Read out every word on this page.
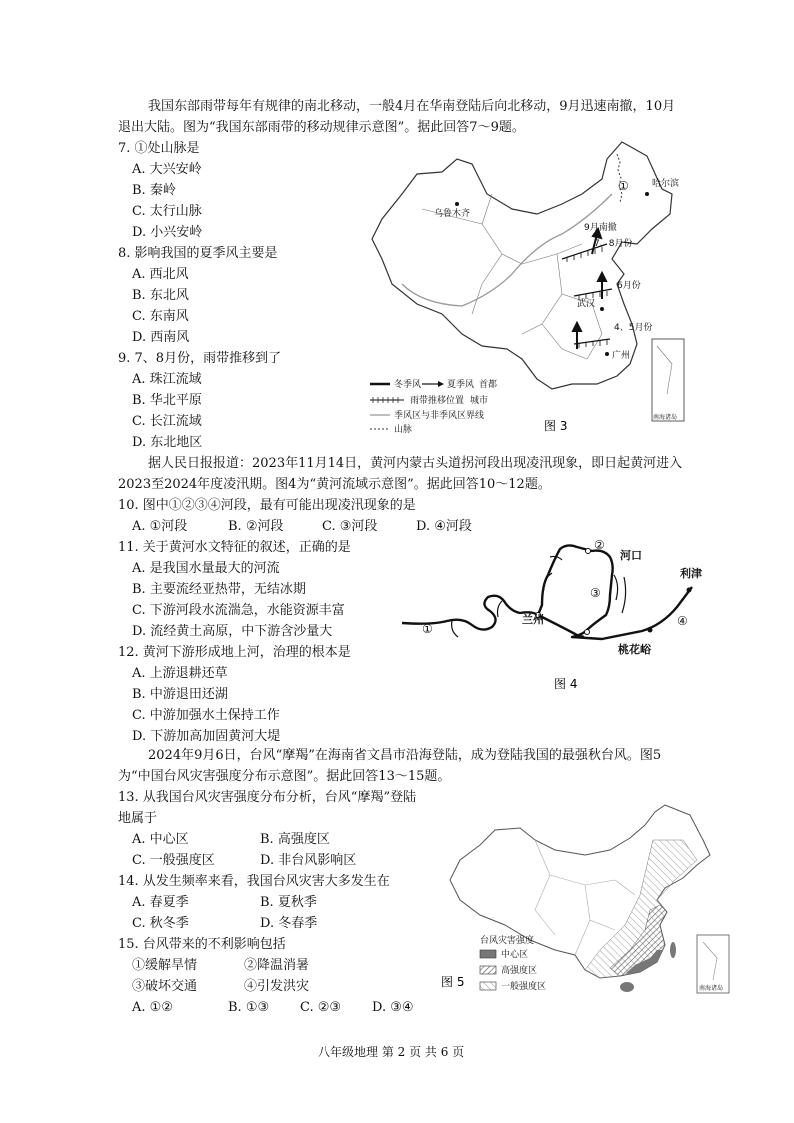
我国东部雨带每年有规律的南北移动，一般4月在华南登陆后向北移动，9月迅速南撤，10月退出大陆。图为“我国东部雨带的移动规律示意图”。据此回答7～9题。
7. ①处山脉是
A. 大兴安岭
B. 秦岭
C. 太行山脉
D. 小兴安岭
8. 影响我国的夏季风主要是
A. 西北风
B. 东北风
C. 东南风
D. 西南风
9. 7、8月份，雨带推移到了
A. 珠江流域
B. 华北平原
C. 长江流域
D. 东北地区
哈尔滨
乌鲁木齐
9月南撤
7、8月份
6月份
4、5月份
武汉
广州
①
南海诸岛
冬季风	夏季风 首都
雨带推移位置 城市
季风区与非季风区界线
山脉	图 3
据人民日报报道：2023年11月14日，黄河内蒙古头道拐河段出现凌汛现象，即日起黄河进入2023至2024年度凌汛期。图4为“黄河流域示意图”。据此回答10～12题。
10. 图中①②③④河段，最有可能出现凌汛现象的是
A. ①河段	B. ②河段	C. ③河段	D. ④河段
11. 关于黄河水文特征的叙述，正确的是
A. 是我国水量最大的河流
B. 主要流经亚热带，无结冰期
C. 下游河段水流湍急，水能资源丰富
D. 流经黄土高原，中下游含沙量大
12. 黄河下游形成地上河，治理的根本是
A. 上游退耕还草
B. 中游退田还湖
C. 中游加强水土保持工作
D. 下游加高加固黄河大堤
①
②
③
④
河口
利津
兰州
桃花峪
图 4
2024年9月6日，台风“摩羯”在海南省文昌市沿海登陆，成为登陆我国的最强秋台风。图5为“中国台风灾害强度分布示意图”。据此回答13～15题。
13. 从我国台风灾害强度分布分析，台风“摩羯”登陆
地属于
A. 中心区	B. 高强度区
C. 一般强度区	D. 非台风影响区
14. 从发生频率来看，我国台风灾害大多发生在
A. 春夏季	B. 夏秋季
C. 秋冬季	D. 冬春季
15. 台风带来的不利影响包括
①缓解旱情	②降温消暑
③破坏交通	④引发洪灾
A. ①②	B. ①③ C. ②③ D. ③④
南海诸岛
台风灾害强度
中心区
高强度区
一般强度区
图 5
八年级地理 第 2 页 共 6 页
